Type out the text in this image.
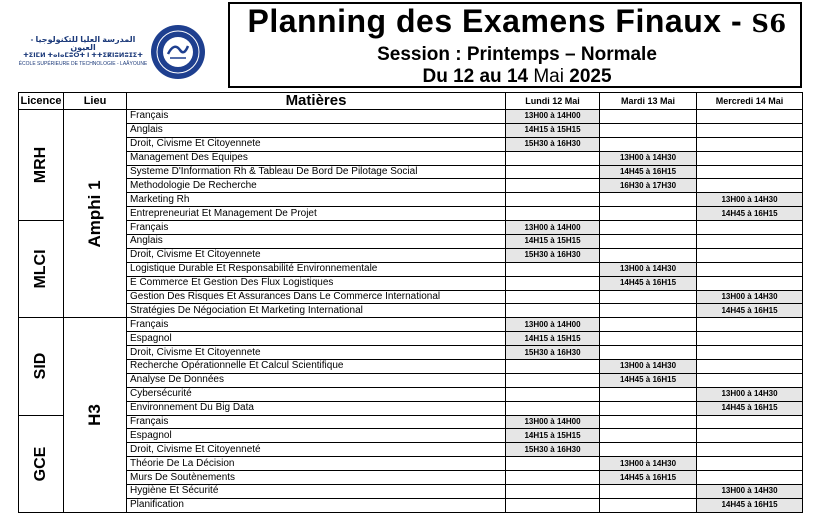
المدرسة العليا للتكنولوجيا - العيون
ⵜⵉⵏⵎⵍ ⵜⴰⵏⴰⵎⵓⵔⵜ ⵏ ⵜⵜⵉⴽⵏⵓⵍⵓⵊⵉⵜ
ÉCOLE SUPÉRIEURE DE TECHNOLOGIE - LAÂYOUNE
Planning des Examens Finaux - S6
Session : Printemps – Normale
Du 12 au 14 Mai 2025
Licence	Lieu	Matières	Lundi 12 Mai	Mardi 13 Mai	Mercredi 14 Mai

MRH	Amphi 1	Français	13H00 à 14H00		
		Anglais	14H15 à 15H15		
		Droit, Civisme Et Citoyennete	15H30 à 16H30		
		Management Des Equipes		13H00 à 14H30	
		Systeme D'Information Rh & Tableau De Bord De Pilotage Social		14H45 à 16H15	
		Methodologie De Recherche		16H30 à 17H30	
		Marketing Rh			13H00 à 14H30
		Entrepreneuriat Et Management De Projet			14H45 à 16H15

MLCI		Français	13H00 à 14H00		
		Anglais	14H15 à 15H15		
		Droit, Civisme Et Citoyennete	15H30 à 16H30		
		Logistique Durable Et Responsabilité Environnementale		13H00 à 14H30	
		E Commerce Et Gestion Des Flux Logistiques		14H45 à 16H15	
		Gestion Des Risques Et Assurances Dans Le Commerce International			13H00 à 14H30
		Stratégies De Négociation Et Marketing International			14H45 à 16H15

SID	H3	Français	13H00 à 14H00		
		Espagnol	14H15 à 15H15		
		Droit, Civisme Et Citoyennete	15H30 à 16H30		
		Recherche Opérationnelle Et Calcul Scientifique		13H00 à 14H30	
		Analyse De Données		14H45 à 16H15	
		Cybersécurité			13H00 à 14H30
		Environnement Du Big Data			14H45 à 16H15

GCE		Français	13H00 à 14H00		
		Espagnol	14H15 à 15H15		
		Droit, Civisme Et Citoyenneté	15H30 à 16H30		
		Théorie De La Décision		13H00 à 14H30	
		Murs De Soutènements		14H45 à 16H15	
		Hygiène Et Sécurité			13H00 à 14H30
		Planification			14H45 à 16H15
